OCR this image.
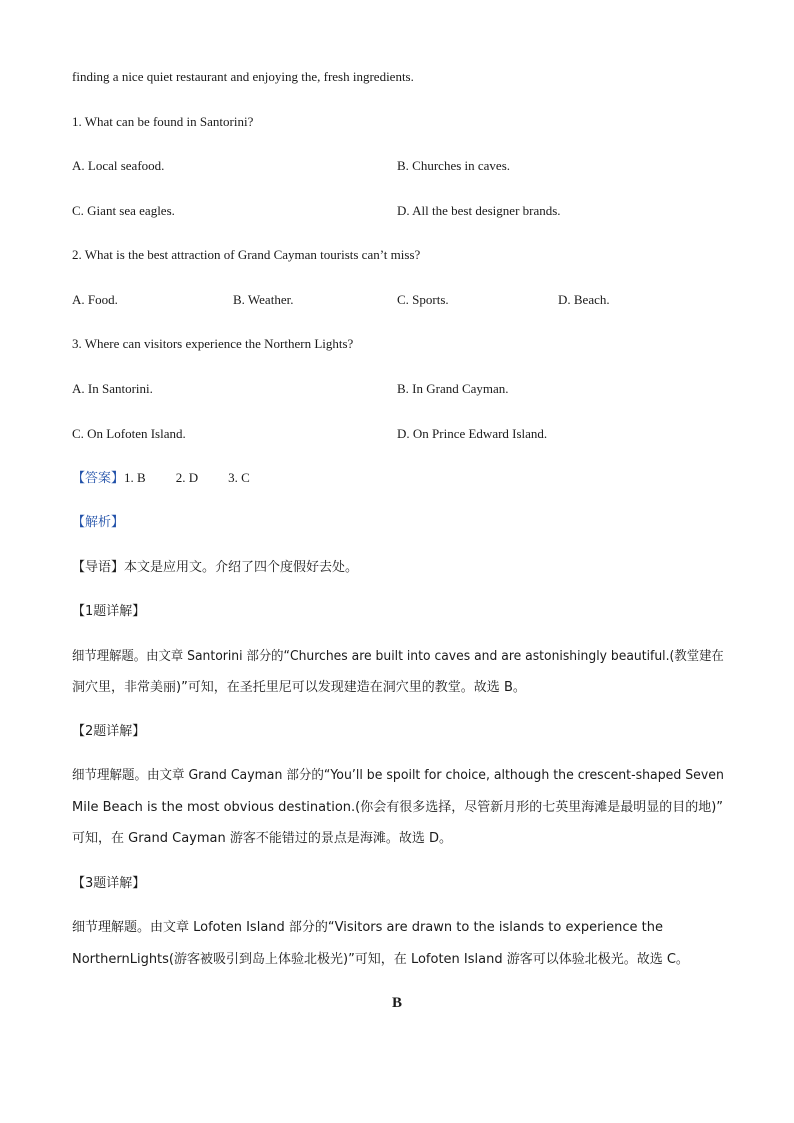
finding a nice quiet restaurant and enjoying the, fresh ingredients.
1. What can be found in Santorini?
A. Local seafood.	B. Churches in caves.
C. Giant sea eagles.	D. All the best designer brands.
2. What is the best attraction of Grand Cayman tourists can’t miss?
A. Food.	B. Weather.	C. Sports.	D. Beach.
3. Where can visitors experience the Northern Lights?
A. In Santorini.	B. In Grand Cayman.
C. On Lofoten Island.	D. On Prince Edward Island.
【答案】1. B 2. D 3. C
【解析】
【导语】本文是应用文。介绍了四个度假好去处。
【1题详解】
细节理解题。由文章 Santorini 部分的“Churches are built into caves and are astonishingly beautiful.(教堂建在
洞穴里，非常美丽)”可知，在圣托里尼可以发现建造在洞穴里的教堂。故选 B。
【2题详解】
细节理解题。由文章 Grand Cayman 部分的“You’ll be spoilt for choice, although the crescent-shaped Seven
Mile Beach is the most obvious destination.(你会有很多选择，尽管新月形的七英里海滩是最明显的目的地)”
可知，在 Grand Cayman 游客不能错过的景点是海滩。故选 D。
【3题详解】
细节理解题。由文章 Lofoten Island 部分的“Visitors are drawn to the islands to experience the
NorthernLights(游客被吸引到岛上体验北极光)”可知，在 Lofoten Island 游客可以体验北极光。故选 C。
B
